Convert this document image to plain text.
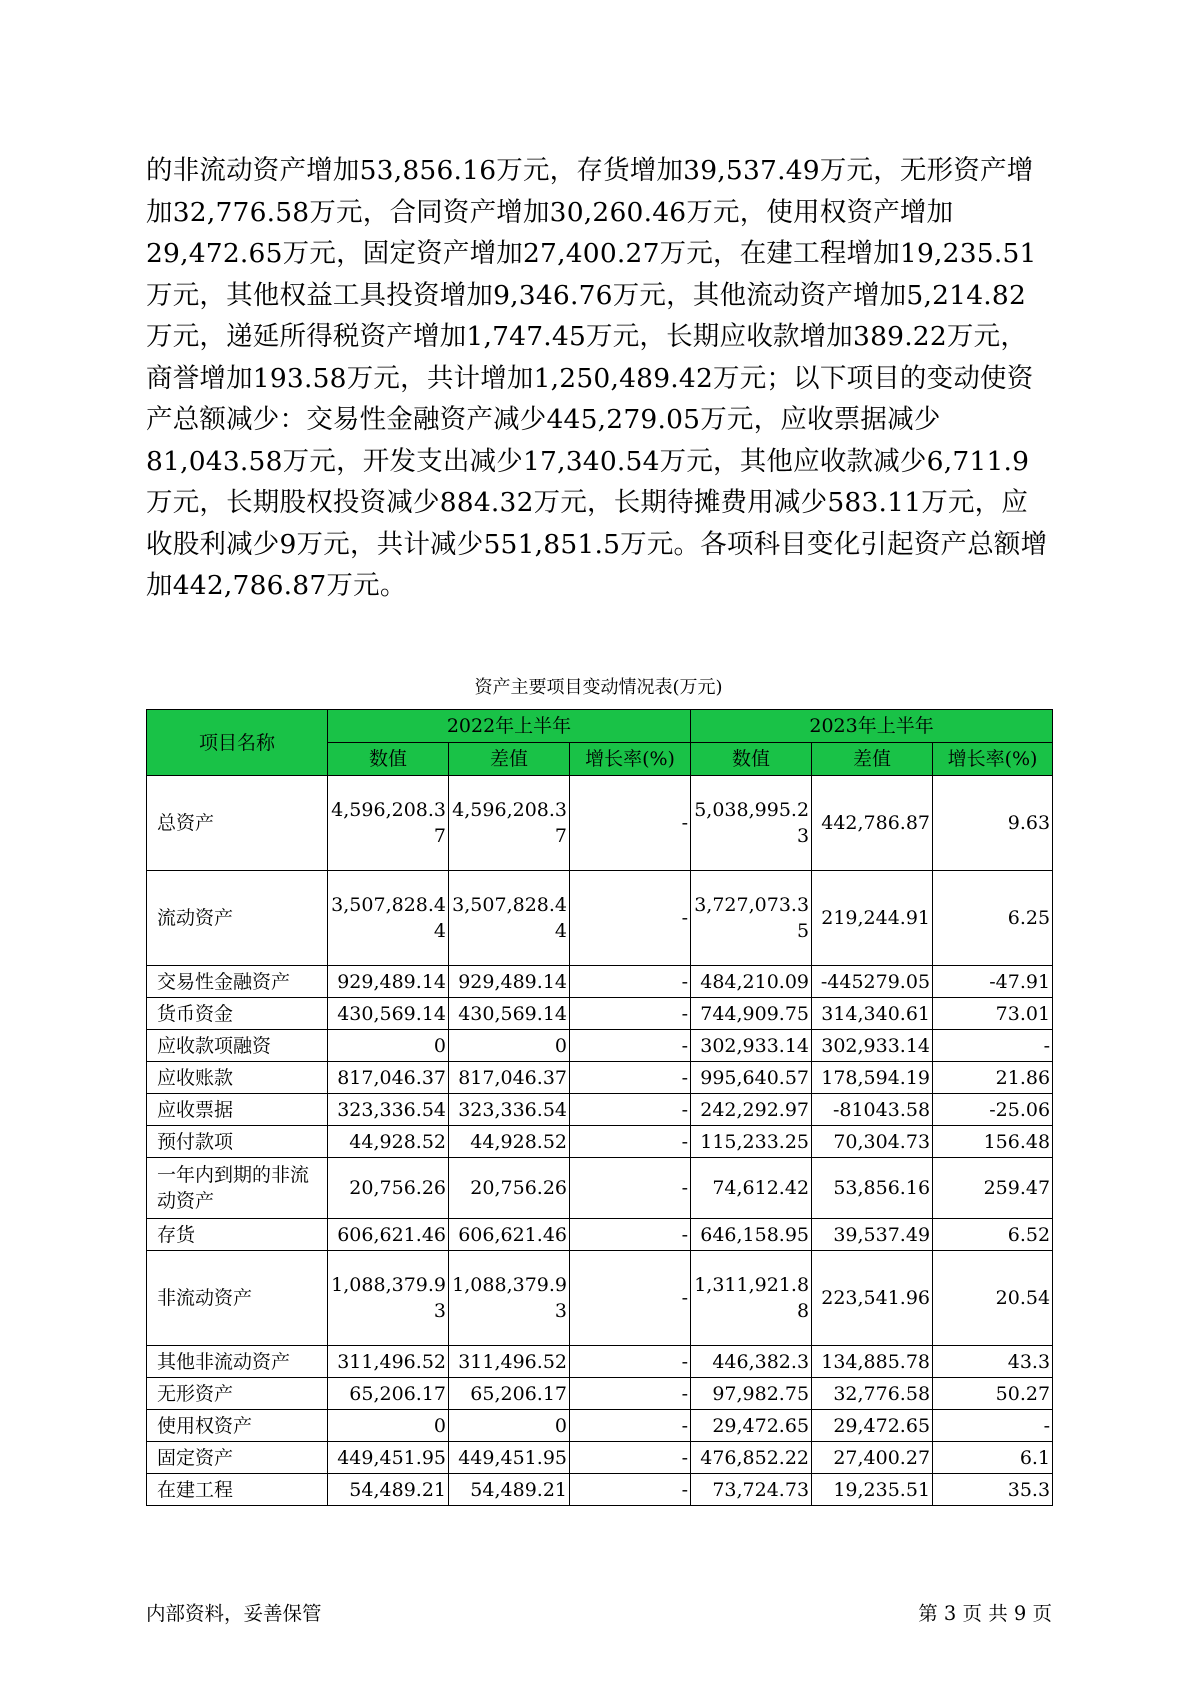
的非流动资产增加53,856.16万元，存货增加39,537.49万元，无形资产增加32,776.58万元，合同资产增加30,260.46万元，使用权资产增加29,472.65万元，固定资产增加27,400.27万元，在建工程增加19,235.51万元，其他权益工具投资增加9,346.76万元，其他流动资产增加5,214.82万元，递延所得税资产增加1,747.45万元，长期应收款增加389.22万元，商誉增加193.58万元，共计增加1,250,489.42万元；以下项目的变动使资产总额减少：交易性金融资产减少445,279.05万元，应收票据减少81,043.58万元，开发支出减少17,340.54万元，其他应收款减少6,711.9万元，长期股权投资减少884.32万元，长期待摊费用减少583.11万元，应收股利减少9万元，共计减少551,851.5万元。各项科目变化引起资产总额增加442,786.87万元。

资产主要项目变动情况表(万元)
项目名称	2022年上半年			2023年上半年		
	数值	差值	增长率(%)	数值	差值	增长率(%)
总资产	4,596,208.37	4,596,208.37	-	5,038,995.23	442,786.87	9.63
流动资产	3,507,828.44	3,507,828.44	-	3,727,073.35	219,244.91	6.25
交易性金融资产	929,489.14	929,489.14	-	484,210.09	-445279.05	-47.91
货币资金	430,569.14	430,569.14	-	744,909.75	314,340.61	73.01
应收款项融资	0	0	-	302,933.14	302,933.14	-
应收账款	817,046.37	817,046.37	-	995,640.57	178,594.19	21.86
应收票据	323,336.54	323,336.54	-	242,292.97	-81043.58	-25.06
预付款项	44,928.52	44,928.52	-	115,233.25	70,304.73	156.48
一年内到期的非流动资产	20,756.26	20,756.26	-	74,612.42	53,856.16	259.47
存货	606,621.46	606,621.46	-	646,158.95	39,537.49	6.52
非流动资产	1,088,379.93	1,088,379.93	-	1,311,921.88	223,541.96	20.54
其他非流动资产	311,496.52	311,496.52	-	446,382.3	134,885.78	43.3
无形资产	65,206.17	65,206.17	-	97,982.75	32,776.58	50.27
使用权资产	0	0	-	29,472.65	29,472.65	-
固定资产	449,451.95	449,451.95	-	476,852.22	27,400.27	6.1
在建工程	54,489.21	54,489.21	-	73,724.73	19,235.51	35.3
内部资料，妥善保管	第 3 页 共 9 页
